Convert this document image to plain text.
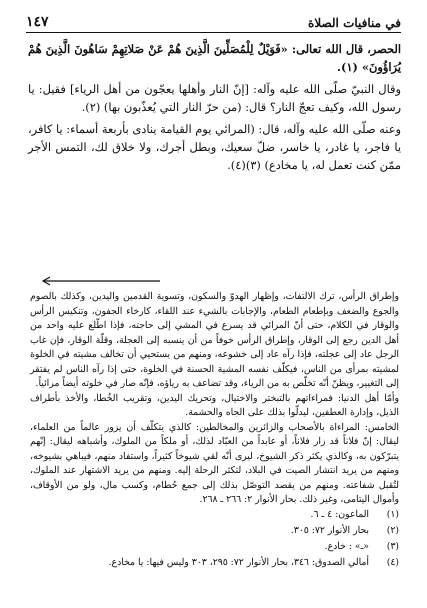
في منافيات الصلاة
١٤٧

الحصر، قال الله تعالى: «فَوَيْلٌ لِلْمُصَلِّينَ الَّذِينَ هُمْ عَنْ صَلاتِهِمْ سَاهُونَ الَّذِينَ هُمْ يُرَاؤُونَ» (١).

وقال النبيّ صلّى الله عليه وآله: [إنّ النار وأهلها يعجّون من أهل الرياء] فقيل: يا رسول الله، وكيف تعجّ النار؟ قال: (من حرّ النار التي يُعذّبون بها) (٢).

وعنه صلّى الله عليه وآله، قال: (المرائي يوم القيامة ينادى بأربعة أسماء: يا كافر، يا فاجر، يا غادر، يا خاسر، ضلّ سعيك، وبطل أجرك، ولا خلاق لك، التمس الأجر ممّن كنت تعمل له، يا مخادع) (٣)(٤).

وإطراق الرأس، ترك الالتفات، وإظهار الهدوّ والسكون، وتسوية القدمين واليدين، وكذلك بالصوم والجوع والضعف وبإطعام الطعام، والإجابات بالشيء عند اللقاء، كارخاء الجفون، وتنكيس الرأس والوقار في الكلام، حتى أنّ المرائي قد يسرع في المشي إلى حاجته، فإذا اطّلع عليه واحد من أهل الدين رجع إلى الوقار، وإطراق الرأس خوفاً من أن ينسبه إلى العجلة، وقلّة الوقار، فإن غاب الرجل عاد إلى عجلته، فإذا رآه عاد إلى خشوعه، ومنهم من يستحيي أن تخالف مشيته في الخلوة لمشيته بمرأى من الناس، فيكلّف نفسه المشية الحسنة في الخلوة، حتى إذا رآه الناس لم يفتقر إلى التغيير، ويظنّ أنّه تخلّص به من الرياء، وقد تضاعف به رياؤه، فإنّه صار في خلوته أيضاً مرائياً.

وأمّا أهل الدنيا: فمراءاتهم بالتبختر والاختيال، وتحريك اليدين، وتقريب الخُطا، والأخذ بأطراف الذيل، وإدارة العطفين، ليدلّوا بذلك على الجاه والحشمة.

الخامس: المراءاة بالأصحاب والزائرين والمخالطين: كالذي يتكلّف أن يزور عالماً من العلماء، ليقال: إنّ فلاناً قد زار فلاناً، أو عابداً من العبّاد لذلك، أو ملكاً من الملوك، وأشباهه ليقال: إنّهم يتبرّكون به، وكالذي يكثر ذكر الشيوخ، ليرى أنّه لقي شيوخاً كثيراً، واستفاد منهم، فيباهي بشيوخه، ومنهم من يريد انتشار الصيت في البلاد، لتكثر الرحلة إليه. ومنهم من يريد الاشتهار عند الملوك، لتُقبل شفاعته. ومنهم من يقصد التوصّل بذلك إلى جمع حُطام، وكسب مال، ولو من الأوقاف، وأموال اليتامى، وغير ذلك. بحار الأنوار ٢: ٢٦٦ ـ ٢٦٨.

(١)
الماعون: ٤ ـ ٦.
(٢)
بحار الأنوار ٧٢: ٣٠٥.
(٣)
«ـ» : خادع.
(٤)
أمالي الصدوق: ٣٤٦، بحار الأنوار ٧٢: ٢٩٥، ٣٠٣ وليس فيها: يا مخادع.
